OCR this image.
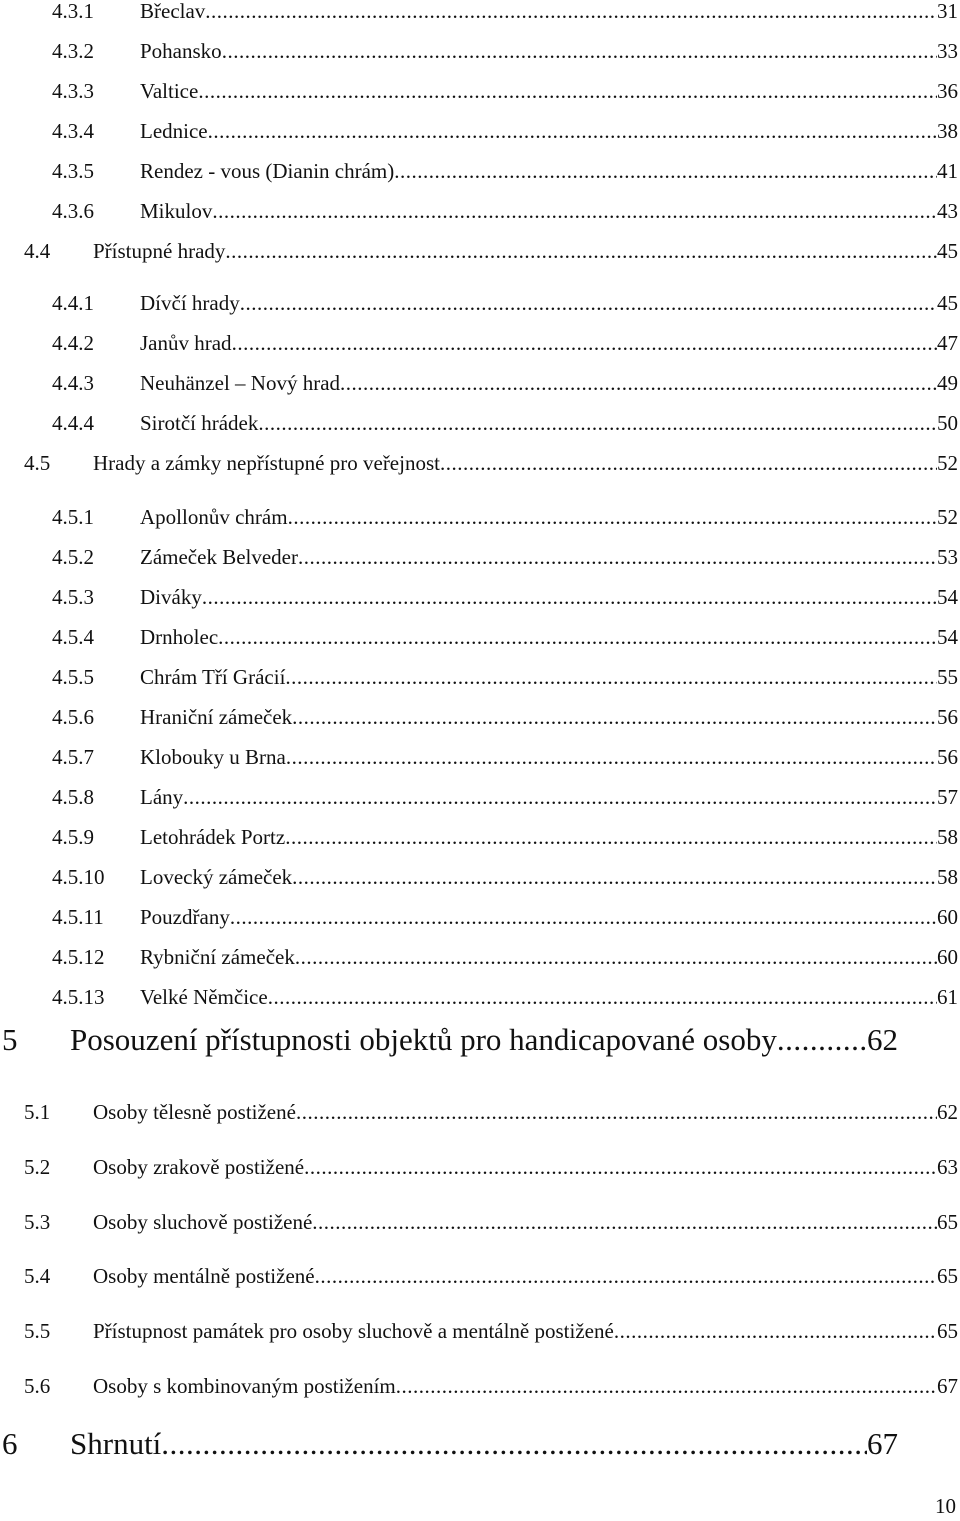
4.3.1 Břeclav .....	31
4.3.2 Pohansko .....	33
4.3.3 Valtice .....	36
4.3.4 Lednice .....	38
4.3.5 Rendez - vous (Dianin chrám) .....	41
4.3.6 Mikulov .....	43
4.4 Přístupné hrady .....	45
4.4.1 Dívčí hrady .....	45
4.4.2 Janův hrad .....	47
4.4.3 Neuhänzel – Nový hrad .....	49
4.4.4 Sirotčí hrádek .....	50
4.5 Hrady a zámky nepřístupné pro veřejnost .....	52
4.5.1 Apollonův chrám .....	52
4.5.2 Zámeček Belveder .....	53
4.5.3 Diváky .....	54
4.5.4 Drnholec .....	54
4.5.5 Chrám Tří Grácií .....	55
4.5.6 Hraniční zámeček .....	56
4.5.7 Klobouky u Brna .....	56
4.5.8 Lány .....	57
4.5.9 Letohrádek Portz .....	58
4.5.10 Lovecký zámeček .....	58
4.5.11 Pouzdřany .....	60
4.5.12 Rybniční zámeček .....	60
4.5.13 Velké Němčice .....	61
5 Posouzení přístupnosti objektů pro handicapované osoby .....	62
5.1 Osoby tělesně postižené .....	62
5.2 Osoby zrakově postižené .....	63
5.3 Osoby sluchově postižené .....	65
5.4 Osoby mentálně postižené .....	65
5.5 Přístupnost památek pro osoby sluchově a mentálně postižené .....	65
5.6 Osoby s kombinovaným postižením .....	67
6 Shrnutí .....	67
10
